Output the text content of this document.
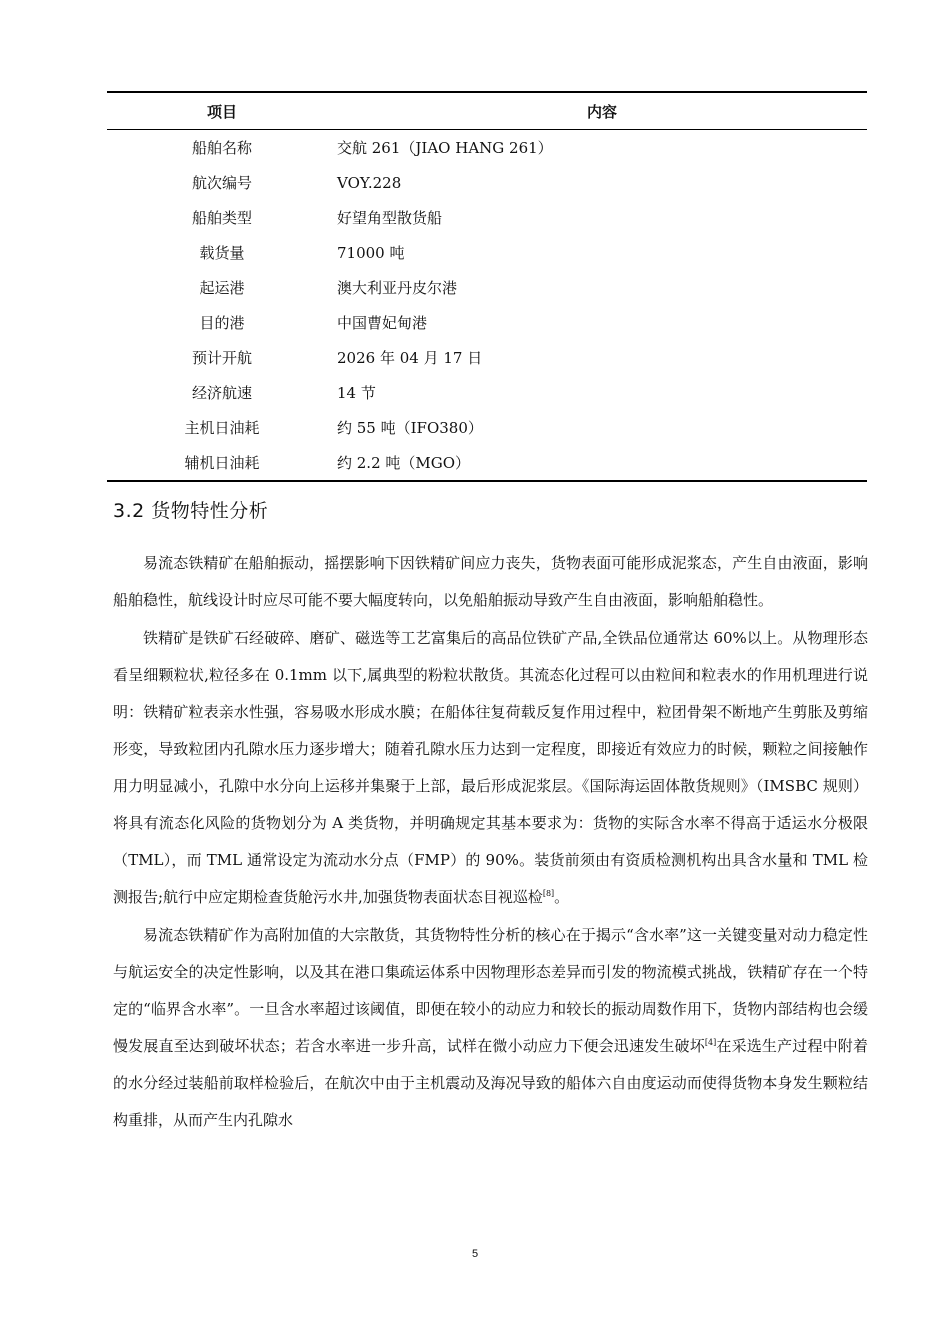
项目	内容
船舶名称	交航 261（JIAO HANG 261）
航次编号	VOY.228
船舶类型	好望角型散货船
载货量	71000 吨
起运港	澳大利亚丹皮尔港
目的港	中国曹妃甸港
预计开航	2026 年 04 月 17 日
经济航速	14 节
主机日油耗	约 55 吨（IFO380）
辅机日油耗	约 2.2 吨（MGO）
3.2 货物特性分析

易流态铁精矿在船舶振动，摇摆影响下因铁精矿间应力丧失，货物表面可能形成泥浆态，产生自由液面，影响船舶稳性，航线设计时应尽可能不要大幅度转向，以免船舶振动导致产生自由液面，影响船舶稳性。

铁精矿是铁矿石经破碎、磨矿、磁选等工艺富集后的高品位铁矿产品,全铁品位通常达 60%以上。从物理形态看呈细颗粒状,粒径多在 0.1mm 以下,属典型的粉粒状散货。其流态化过程可以由粒间和粒表水的作用机理进行说明：铁精矿粒表亲水性强，容易吸水形成水膜；在船体往复荷载反复作用过程中，粒团骨架不断地产生剪胀及剪缩形变，导致粒团内孔隙水压力逐步增大；随着孔隙水压力达到一定程度，即接近有效应力的时候，颗粒之间接触作用力明显减小，孔隙中水分向上运移并集聚于上部，最后形成泥浆层。《国际海运固体散货规则》（IMSBC 规则）将具有流态化风险的货物划分为 A 类货物，并明确规定其基本要求为：货物的实际含水率不得高于适运水分极限（TML），而 TML 通常设定为流动水分点（FMP）的 90%。装货前须由有资质检测机构出具含水量和 TML 检测报告;航行中应定期检查货舱污水井,加强货物表面状态目视巡检[8]。

易流态铁精矿作为高附加值的大宗散货，其货物特性分析的核心在于揭示“含水率”这一关键变量对动力稳定性与航运安全的决定性影响，以及其在港口集疏运体系中因物理形态差异而引发的物流模式挑战，铁精矿存在一个特定的“临界含水率”。一旦含水率超过该阈值，即便在较小的动应力和较长的振动周数作用下，货物内部结构也会缓慢发展直至达到破坏状态；若含水率进一步升高，试样在微小动应力下便会迅速发生破坏[4]在采选生产过程中附着的水分经过装船前取样检验后，在航次中由于主机震动及海况导致的船体六自由度运动而使得货物本身发生颗粒结构重排，从而产生内孔隙水

5
